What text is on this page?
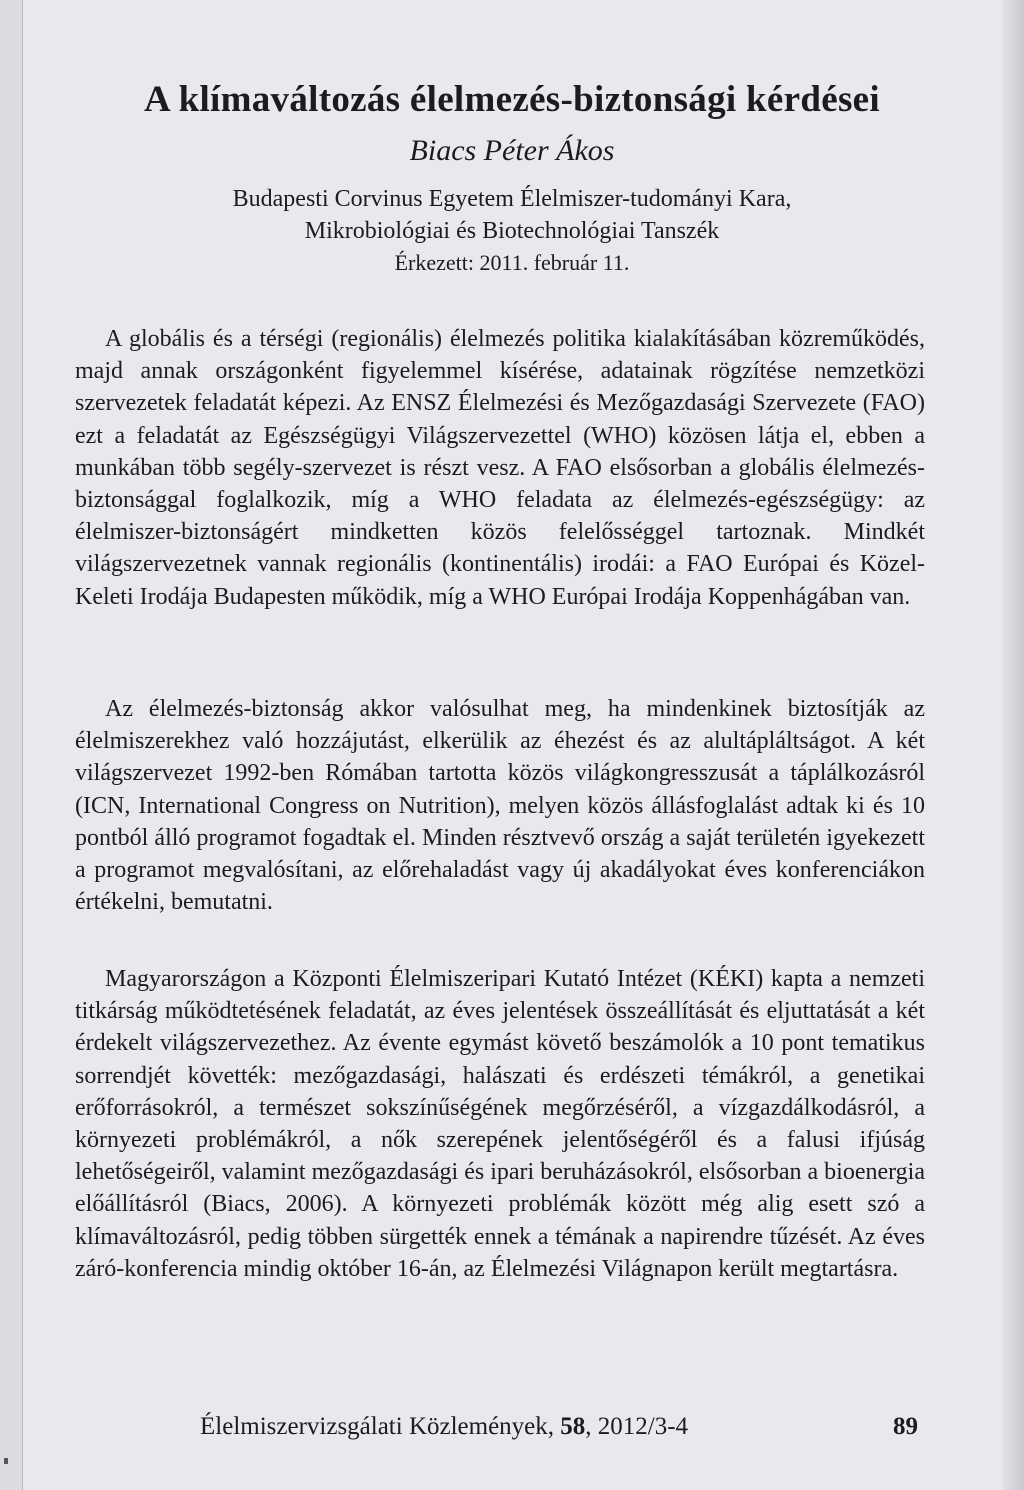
A klímaváltozás élelmezés-biztonsági kérdései
Biacs Péter Ákos
Budapesti Corvinus Egyetem Élelmiszer-tudományi Kara,
Mikrobiológiai és Biotechnológiai Tanszék
Érkezett: 2011. február 11.

A globális és a térségi (regionális) élelmezés politika kialakításában közreműködés, majd annak országonként figyelemmel kísérése, adatainak rögzítése nemzetközi szervezetek feladatát képezi. Az ENSZ Élelmezési és Mezőgazdasági Szervezete (FAO) ezt a feladatát az Egészségügyi Világszervezettel (WHO) közösen látja el, ebben a munkában több segély-szervezet is részt vesz. A FAO elsősorban a globális élelmezés-biztonsággal foglalkozik, míg a WHO feladata az élelmezés-egészségügy: az élelmiszer-biztonságért mindketten közös felelősséggel tartoznak. Mindkét világszervezetnek vannak regionális (kontinentális) irodái: a FAO Európai és Közel-Keleti Irodája Budapesten működik, míg a WHO Európai Irodája Koppenhágában van.

Az élelmezés-biztonság akkor valósulhat meg, ha mindenkinek biztosítják az élelmiszerekhez való hozzájutást, elkerülik az éhezést és az alultápláltságot. A két világszervezet 1992-ben Rómában tartotta közös világkongresszusát a táplálkozásról (ICN, International Congress on Nutrition), melyen közös állásfoglalást adtak ki és 10 pontból álló programot fogadtak el. Minden résztvevő ország a saját területén igyekezett a programot megvalósítani, az előrehaladást vagy új akadályokat éves konferenciákon értékelni, bemutatni.

Magyarországon a Központi Élelmiszeripari Kutató Intézet (KÉKI) kapta a nemzeti titkárság működtetésének feladatát, az éves jelentések összeállítását és eljuttatását a két érdekelt világszervezethez. Az évente egymást követő beszámolók a 10 pont tematikus sorrendjét követték: mezőgazdasági, halászati és erdészeti témákról, a genetikai erőforrásokról, a természet sokszínűségének megőrzéséről, a vízgazdálkodásról, a környezeti problémákról, a nők szerepének jelentőségéről és a falusi ifjúság lehetőségeiről, valamint mezőgazdasági és ipari beruházásokról, elsősorban a bioenergia előállításról (Biacs, 2006). A környezeti problémák között még alig esett szó a klímaváltozásról, pedig többen sürgették ennek a témának a napirendre tűzését. Az éves záró-konferencia mindig október 16-án, az Élelmezési Világnapon került megtartásra.

Élelmiszervizsgálati Közlemények, 58, 2012/3-4	89
